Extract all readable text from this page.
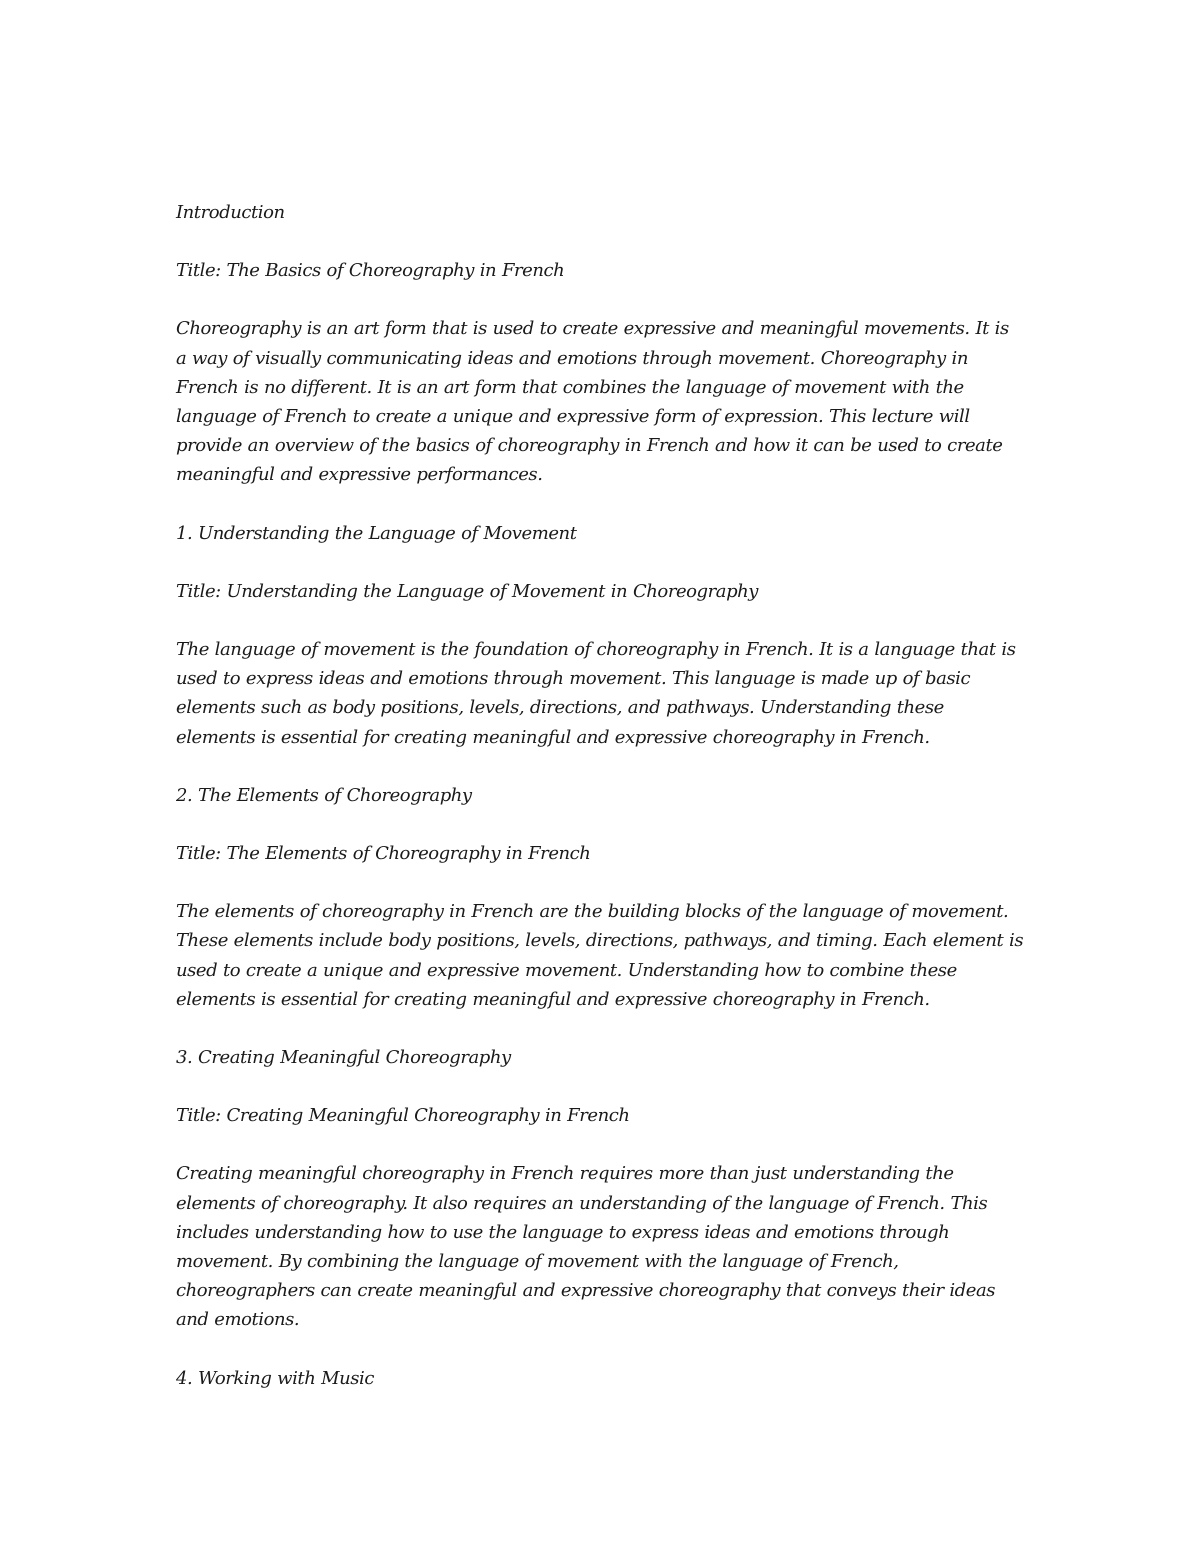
Introduction

Title: The Basics of Choreography in French

Choreography is an art form that is used to create expressive and meaningful movements. It is
a way of visually communicating ideas and emotions through movement. Choreography in
French is no different. It is an art form that combines the language of movement with the
language of French to create a unique and expressive form of expression. This lecture will
provide an overview of the basics of choreography in French and how it can be used to create
meaningful and expressive performances.

1. Understanding the Language of Movement

Title: Understanding the Language of Movement in Choreography

The language of movement is the foundation of choreography in French. It is a language that is
used to express ideas and emotions through movement. This language is made up of basic
elements such as body positions, levels, directions, and pathways. Understanding these
elements is essential for creating meaningful and expressive choreography in French.

2. The Elements of Choreography

Title: The Elements of Choreography in French

The elements of choreography in French are the building blocks of the language of movement.
These elements include body positions, levels, directions, pathways, and timing. Each element is
used to create a unique and expressive movement. Understanding how to combine these
elements is essential for creating meaningful and expressive choreography in French.

3. Creating Meaningful Choreography

Title: Creating Meaningful Choreography in French

Creating meaningful choreography in French requires more than just understanding the
elements of choreography. It also requires an understanding of the language of French. This
includes understanding how to use the language to express ideas and emotions through
movement. By combining the language of movement with the language of French,
choreographers can create meaningful and expressive choreography that conveys their ideas
and emotions.

4. Working with Music
